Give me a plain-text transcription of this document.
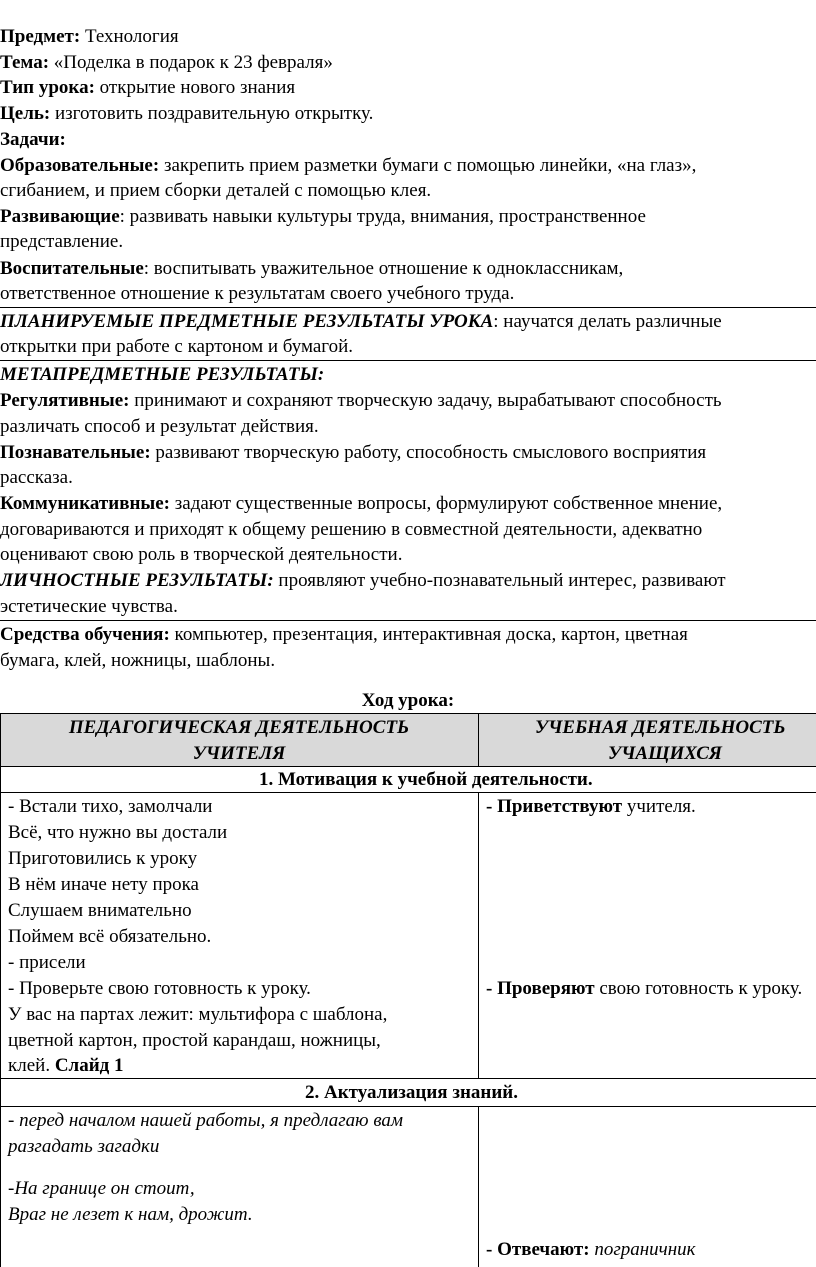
Предмет: Технология
Тема: «Поделка в подарок к 23 февраля»
Тип урока: открытие нового знания
Цель: изготовить поздравительную открытку.
Задачи:
Образовательные: закрепить прием разметки бумаги с помощью линейки, «на глаз»,
сгибанием, и прием сборки деталей с помощью клея.
Развивающие: развивать навыки культуры труда, внимания, пространственное
представление.
Воспитательные: воспитывать уважительное отношение к одноклассникам,
ответственное отношение к результатам своего учебного труда.
ПЛАНИРУЕМЫЕ ПРЕДМЕТНЫЕ РЕЗУЛЬТАТЫ УРОКА: научатся делать различные
открытки при работе с картоном и бумагой.
МЕТАПРЕДМЕТНЫЕ РЕЗУЛЬТАТЫ:
Регулятивные: принимают и сохраняют творческую задачу, вырабатывают способность
различать способ и результат действия.
Познавательные: развивают творческую работу, способность смыслового восприятия
рассказа.
Коммуникативные: задают существенные вопросы, формулируют собственное мнение,
договариваются и приходят к общему решению в совместной деятельности, адекватно
оценивают свою роль в творческой деятельности.
ЛИЧНОСТНЫЕ РЕЗУЛЬТАТЫ: проявляют учебно-познавательный интерес, развивают
эстетические чувства.
Средства обучения: компьютер, презентация, интерактивная доска, картон, цветная
бумага, клей, ножницы, шаблоны.
Ход урока:
ПЕДАГОГИЧЕСКАЯ ДЕЯТЕЛЬНОСТЬ
УЧИТЕЛЯ
УЧЕБНАЯ ДЕЯТЕЛЬНОСТЬ
УЧАЩИХСЯ
1. Мотивация к учебной деятельности.
- Встали тихо, замолчали
Всё, что нужно вы достали
Приготовились к уроку
В нём иначе нету прока
Слушаем внимательно
Поймем всё обязательно.
- присели
- Проверьте свою готовность к уроку.
У вас на партах лежит: мультифора с шаблона,
цветной картон, простой карандаш, ножницы,
клей. Слайд 1
- Приветствуют учителя.
- Проверяют свою готовность к уроку.
2. Актуализация знаний.
- перед началом нашей работы, я предлагаю вам
разгадать загадки
-На границе он стоит,
Враг не лезет к нам, дрожит.
- Отвечают: пограничник
